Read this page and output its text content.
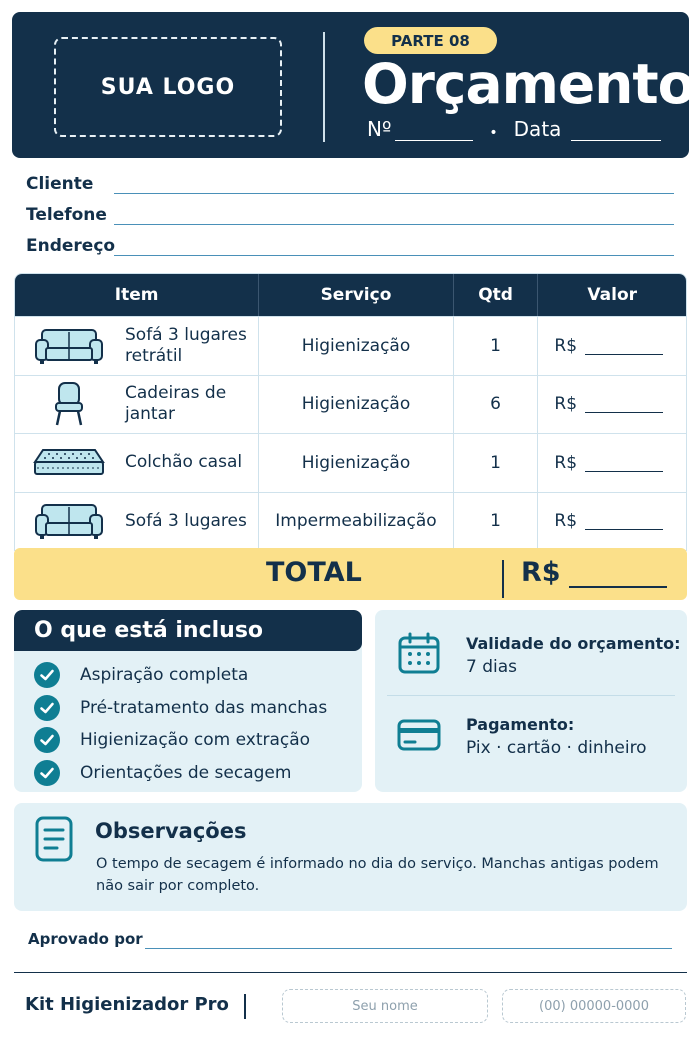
SUA LOGO
PARTE 08
Orçamento
Nº	• Data
Cliente
Telefone
Endereço
Item	Serviço	Qtd	Valor
Sofá 3 lugares retrátil	Higienização	1	R$
Cadeiras de jantar	Higienização	6	R$
Colchão casal	Higienização	1	R$
Sofá 3 lugares	Impermeabilização	1	R$
TOTAL	R$
O que está incluso
Aspiração completa
Pré-tratamento das manchas
Higienização com extração
Orientações de secagem
Validade do orçamento:
7 dias
Pagamento:
Pix · cartão · dinheiro
Observações

O tempo de secagem é informado no dia do serviço. Manchas antigas podem não sair por completo.

Aprovado por
Kit Higienizador Pro	Seu nome	(00) 00000-0000
